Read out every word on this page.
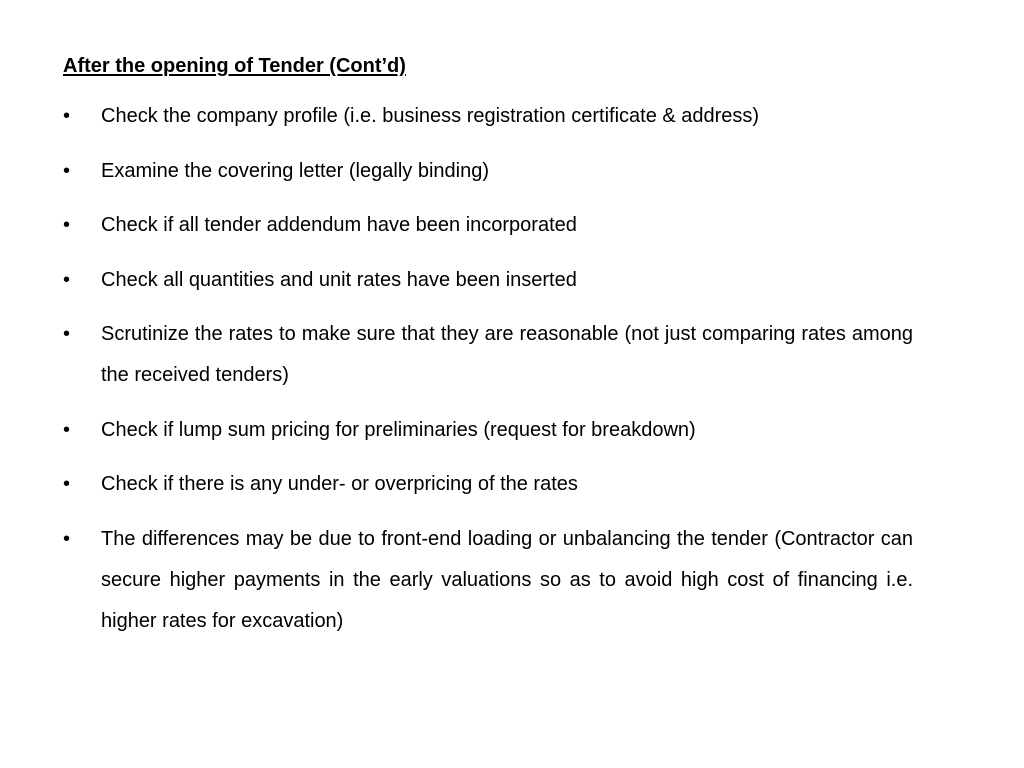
After the opening of Tender (Cont’d)
•	Check the company profile (i.e. business registration certificate & address)
•	Examine the covering letter (legally binding)
•	Check if all tender addendum have been incorporated
•	Check all quantities and unit rates have been inserted
•	Scrutinize the rates to make sure that they are reasonable (not just comparing rates among the received tenders)
•	Check if lump sum pricing for preliminaries (request for breakdown)
•	Check if there is any under- or overpricing of the rates
•	The differences may be due to front-end loading or unbalancing the tender (Contractor can secure higher payments in the early valuations so as to avoid high cost of financing i.e. higher rates for excavation)
